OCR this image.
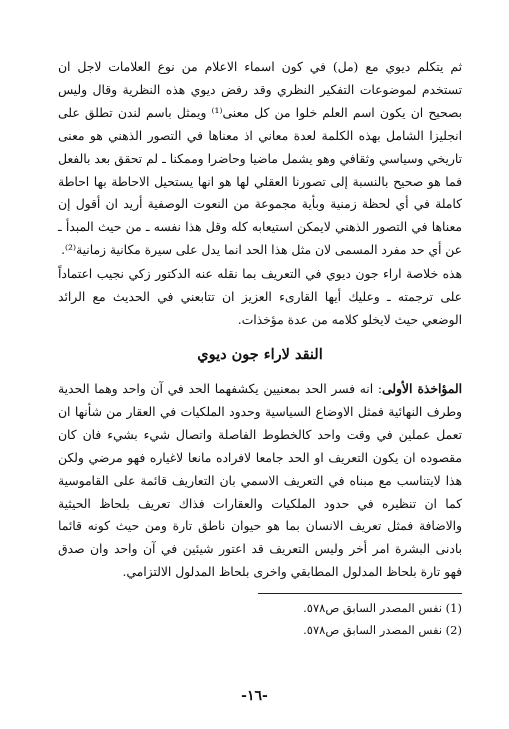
ثم يتكلم ديوي مع (مل) في كون اسماء الاعلام من نوع العلامات لاجل ان تستخدم لموضوعات التفكير النظري وقد رفض ديوي هذه النظرية وقال وليس بصحيح ان يكون اسم العلم خلوا من كل معنى⁽¹⁾ ويمثل باسم لندن تطلق على انجليزا الشامل بهذه الكلمة لعدة معاني اذ معناها في التصور الذهني هو معنى تاريخي وسياسي وثقافي وهو يشمل ماضيا وحاضرا وممكنا ـ لم تحقق بعد بالفعل فما هو صحيح بالنسبة إلى تصورنا العقلي لها هو انها يستحيل الاحاطة بها احاطة كاملة في أي لحظة زمنية وبأية مجموعة من النعوت الوصفية أريد ان أقول إن معناها في التصور الذهني لايمكن استيعابه كله وقل هذا نفسه ـ من حيث المبدأ ـ عن أي حد مفرد المسمى لان مثل هذا الحد انما يدل على سيرة مكانية زمانية⁽²⁾.

هذه خلاصة اراء جون ديوي في التعريف بما نقله عنه الدكتور زكي نجيب اعتماداً على ترجمته ـ وعليك أيها القارىء العزيز ان تتابعني في الحديث مع الرائد الوضعي حيث لايخلو كلامه من عدة مؤخذات.

النقد لاراء جون ديوي

المؤاخذة الأولى: انه فسر الحد بمعنيين يكشفهما الحد في آن واحد وهما الحدية وطرف النهائية فمثل الاوضاع السياسية وحدود الملكيات في العقار من شأنها ان تعمل عملين في وقت واحد كالخطوط الفاصلة واتصال شيء بشيء فان كان مقصوده ان يكون التعريف او الحد جامعا لافراده مانعا لاغياره فهو مرضي ولكن هذا لايتناسب مع مبناه في التعريف الاسمي بان التعاريف قائمة على القاموسية كما ان تنظيره في حدود الملكيات والعقارات فذاك تعريف بلحاظ الحيثية والاضافة فمثل تعريف الانسان بما هو حيوان ناطق تارة ومن حيث كونه قائما بادنى البشرة امر أخر وليس التعريف قد اعتور شيئين في آن واحد وان صدق فهو تارة بلحاظ المدلول المطابقي واخرى بلحاظ المدلول الالتزامي.

(1) نفس المصدر السابق ص٥٧٨.
(2) نفس المصدر السابق ص٥٧٨.
-١٦-
